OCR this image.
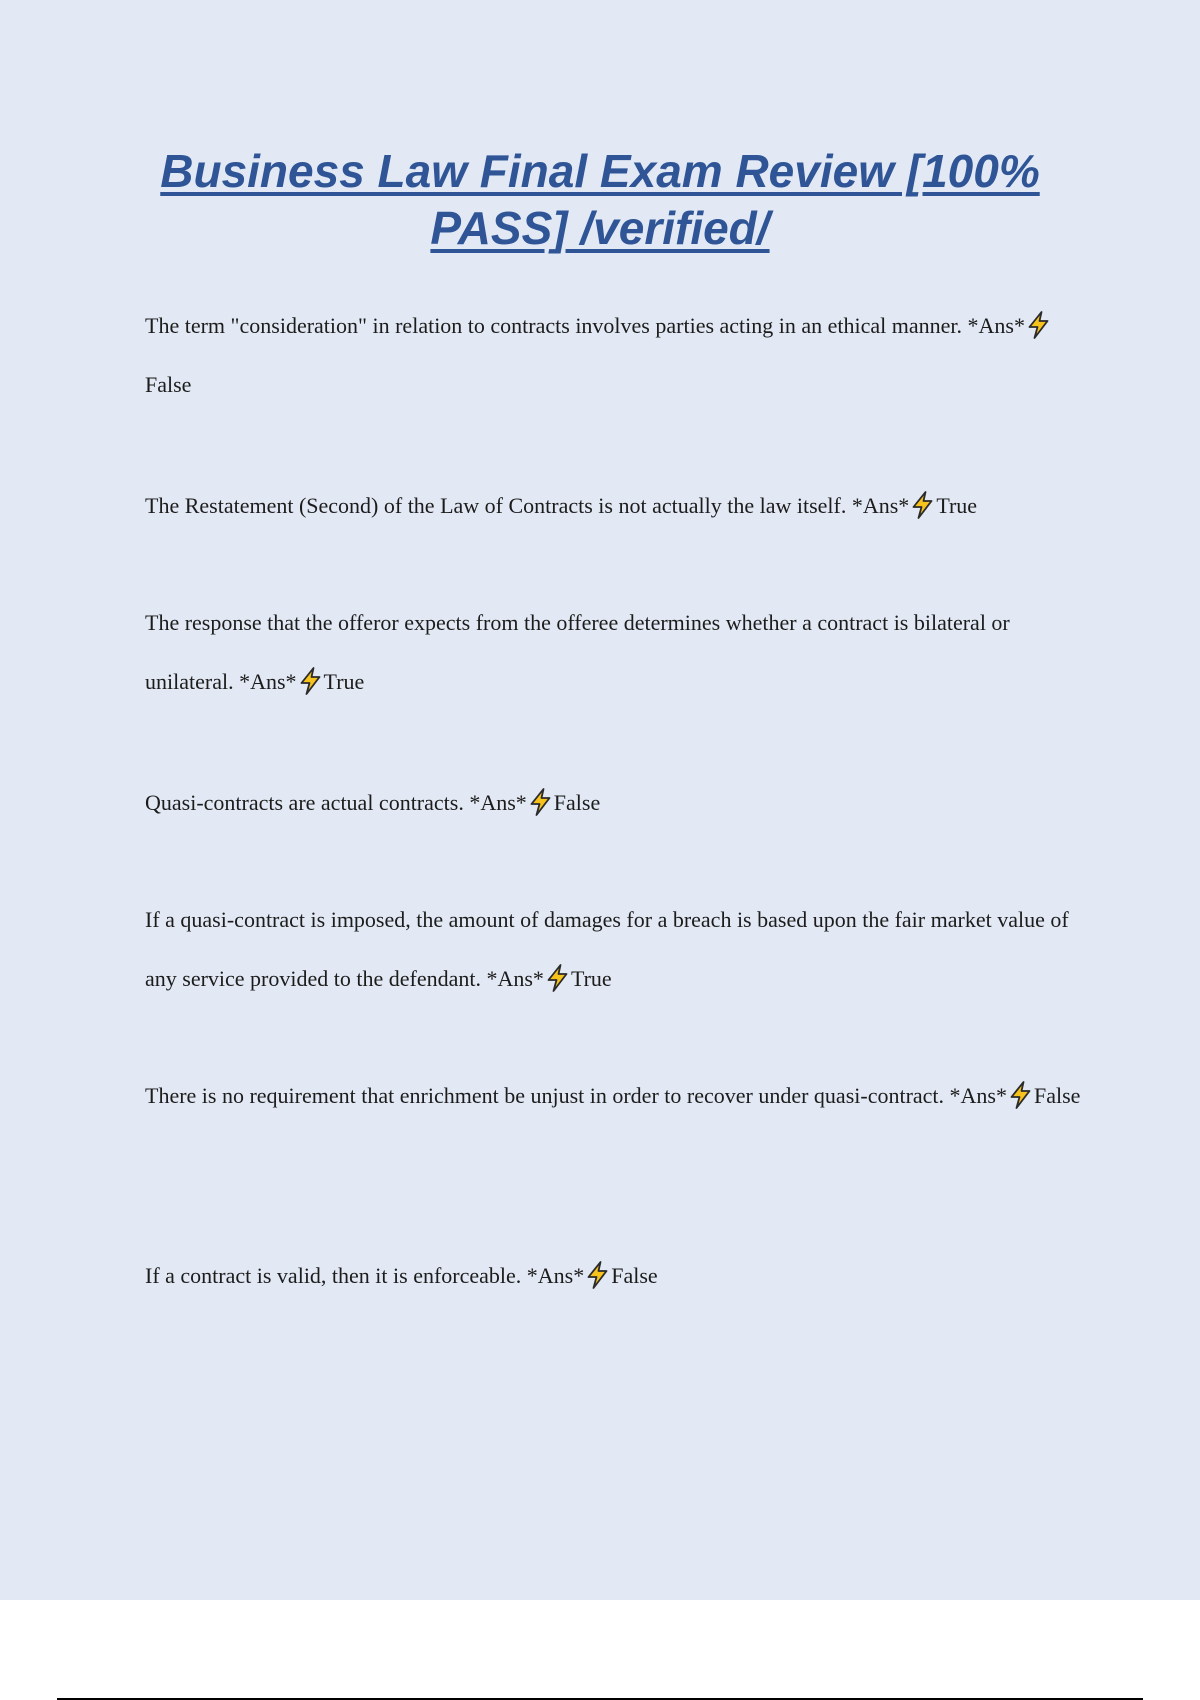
Business Law Final Exam Review [100% PASS] /verified/

The term "consideration" in relation to contracts involves parties acting in an ethical manner. *Ans*False

The Restatement (Second) of the Law of Contracts is not actually the law itself. *Ans* True

The response that the offeror expects from the offeree determines whether a contract is bilateral or unilateral. *Ans* True

Quasi-contracts are actual contracts. *Ans* False

If a quasi-contract is imposed, the amount of damages for a breach is based upon the fair market value of any service provided to the defendant. *Ans* True

There is no requirement that enrichment be unjust in order to recover under quasi-contract. *Ans* False

If a contract is valid, then it is enforceable. *Ans* False
